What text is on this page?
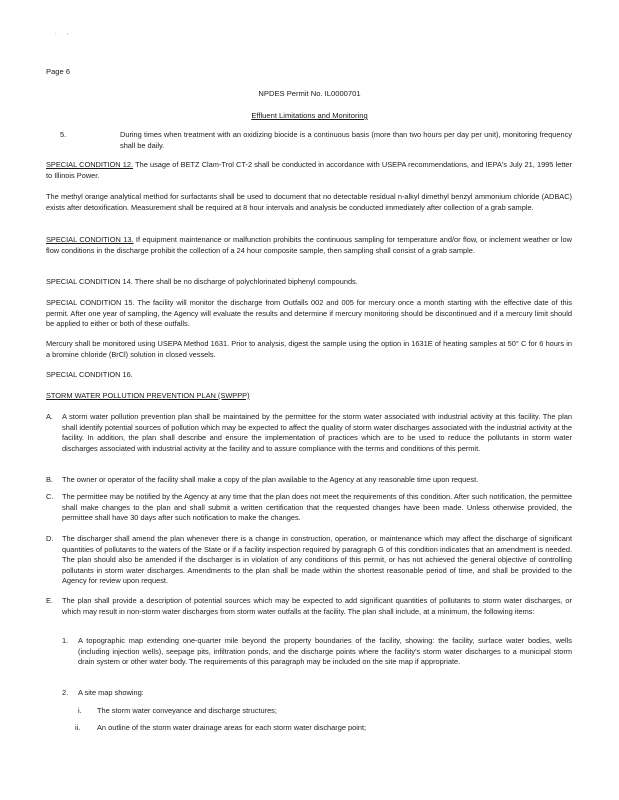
. ,
Page 6
NPDES Permit No. IL0000701
Effluent Limitations and Monitoring
5.	During times when treatment with an oxidizing biocide is a continuous basis (more than two hours per day per unit), monitoring frequency shall be daily.
SPECIAL CONDITION 12. The usage of BETZ Clam-Trol CT-2 shall be conducted in accordance with USEPA recommendations, and IEPA's July 21, 1995 letter to Illinois Power.
The methyl orange analytical method for surfactants shall be used to document that no detectable residual n-alkyl dimethyl benzyl ammonium chloride (ADBAC) exists after detoxification. Measurement shall be required at 8 hour intervals and analysis be conducted immediately after collection of a grab sample.
SPECIAL CONDITION 13. If equipment maintenance or malfunction prohibits the continuous sampling for temperature and/or flow, or inclement weather or low flow conditions in the discharge prohibit the collection of a 24 hour composite sample, then sampling shall consist of a grab sample.
SPECIAL CONDITION 14. There shall be no discharge of polychlorinated biphenyl compounds.
SPECIAL CONDITION 15. The facility will monitor the discharge from Outfalls 002 and 005 for mercury once a month starting with the effective date of this permit. After one year of sampling, the Agency will evaluate the results and determine if mercury monitoring should be discontinued and if a mercury limit should be applied to either or both of these outfalls.
Mercury shall be monitored using USEPA Method 1631. Prior to analysis, digest the sample using the option in 1631E of heating samples at 50° C for 6 hours in a bromine chloride (BrCl) solution in closed vessels.
SPECIAL CONDITION 16.
STORM WATER POLLUTION PREVENTION PLAN (SWPPP)
A. A storm water pollution prevention plan shall be maintained by the permittee for the storm water associated with industrial activity at this facility. The plan shall identify potential sources of pollution which may be expected to affect the quality of storm water discharges associated with the industrial activity at the facility. In addition, the plan shall describe and ensure the implementation of practices which are to be used to reduce the pollutants in storm water discharges associated with industrial activity at the facility and to assure compliance with the terms and conditions of this permit.
B. The owner or operator of the facility shall make a copy of the plan available to the Agency at any reasonable time upon request.
C. The permittee may be notified by the Agency at any time that the plan does not meet the requirements of this condition. After such notification, the permittee shall make changes to the plan and shall submit a written certification that the requested changes have been made. Unless otherwise provided, the permittee shall have 30 days after such notification to make the changes.
D. The discharger shall amend the plan whenever there is a change in construction, operation, or maintenance which may affect the discharge of significant quantities of pollutants to the waters of the State or if a facility inspection required by paragraph G of this condition indicates that an amendment is needed. The plan should also be amended if the discharger is in violation of any conditions of this permit, or has not achieved the general objective of controlling pollutants in storm water discharges. Amendments to the plan shall be made within the shortest reasonable period of time, and shall be provided to the Agency for review upon request.
E. The plan shall provide a description of potential sources which may be expected to add significant quantities of pollutants to storm water discharges, or which may result in non-storm water discharges from storm water outfalls at the facility. The plan shall include, at a minimum, the following items:
1. A topographic map extending one-quarter mile beyond the property boundaries of the facility, showing: the facility, surface water bodies, wells (including injection wells), seepage pits, infiltration ponds, and the discharge points where the facility's storm water discharges to a municipal storm drain system or other water body. The requirements of this paragraph may be included on the site map if appropriate.
2. A site map showing:
i. The storm water conveyance and discharge structures;
ii. An outline of the storm water drainage areas for each storm water discharge point;
